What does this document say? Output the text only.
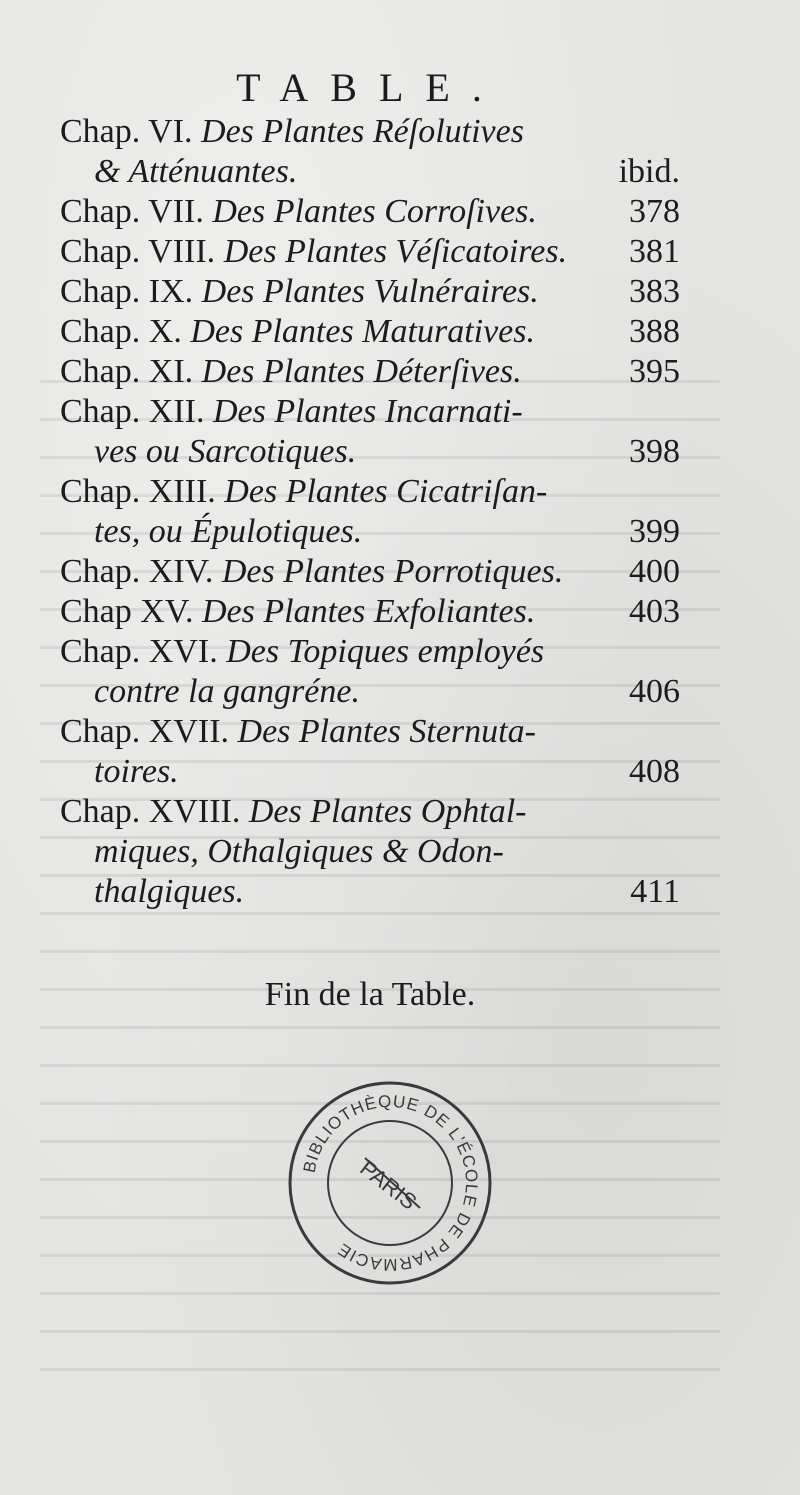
TABLE.
Chap. VI. Des Plantes Réſolutives
& Atténuantes.	ibid.
Chap. VII. Des Plantes Corroſives.	378
Chap. VIII. Des Plantes Véſicatoires. 381
Chap. IX. Des Plantes Vulnéraires.	383
Chap. X. Des Plantes Maturatives.	388
Chap. XI. Des Plantes Déterſives.	395
Chap. XII. Des Plantes Incarnati-
ves ou Sarcotiques.	398
Chap. XIII. Des Plantes Cicatriſan-
tes, ou Épulotiques.	399
Chap. XIV. Des Plantes Porrotiques. 400
Chap XV. Des Plantes Exfoliantes.	403
Chap. XVI. Des Topiques employés
contre la gangréne.	406
Chap. XVII. Des Plantes Sternuta-
toires.	408
Chap. XVIII. Des Plantes Ophtal-
miques, Othalgiques & Odon-
thalgiques.	411
Fin de la Table.
BIBLIOTHÈQUE DE L'ÉCOLE DE PHARMACIE
PARIS
